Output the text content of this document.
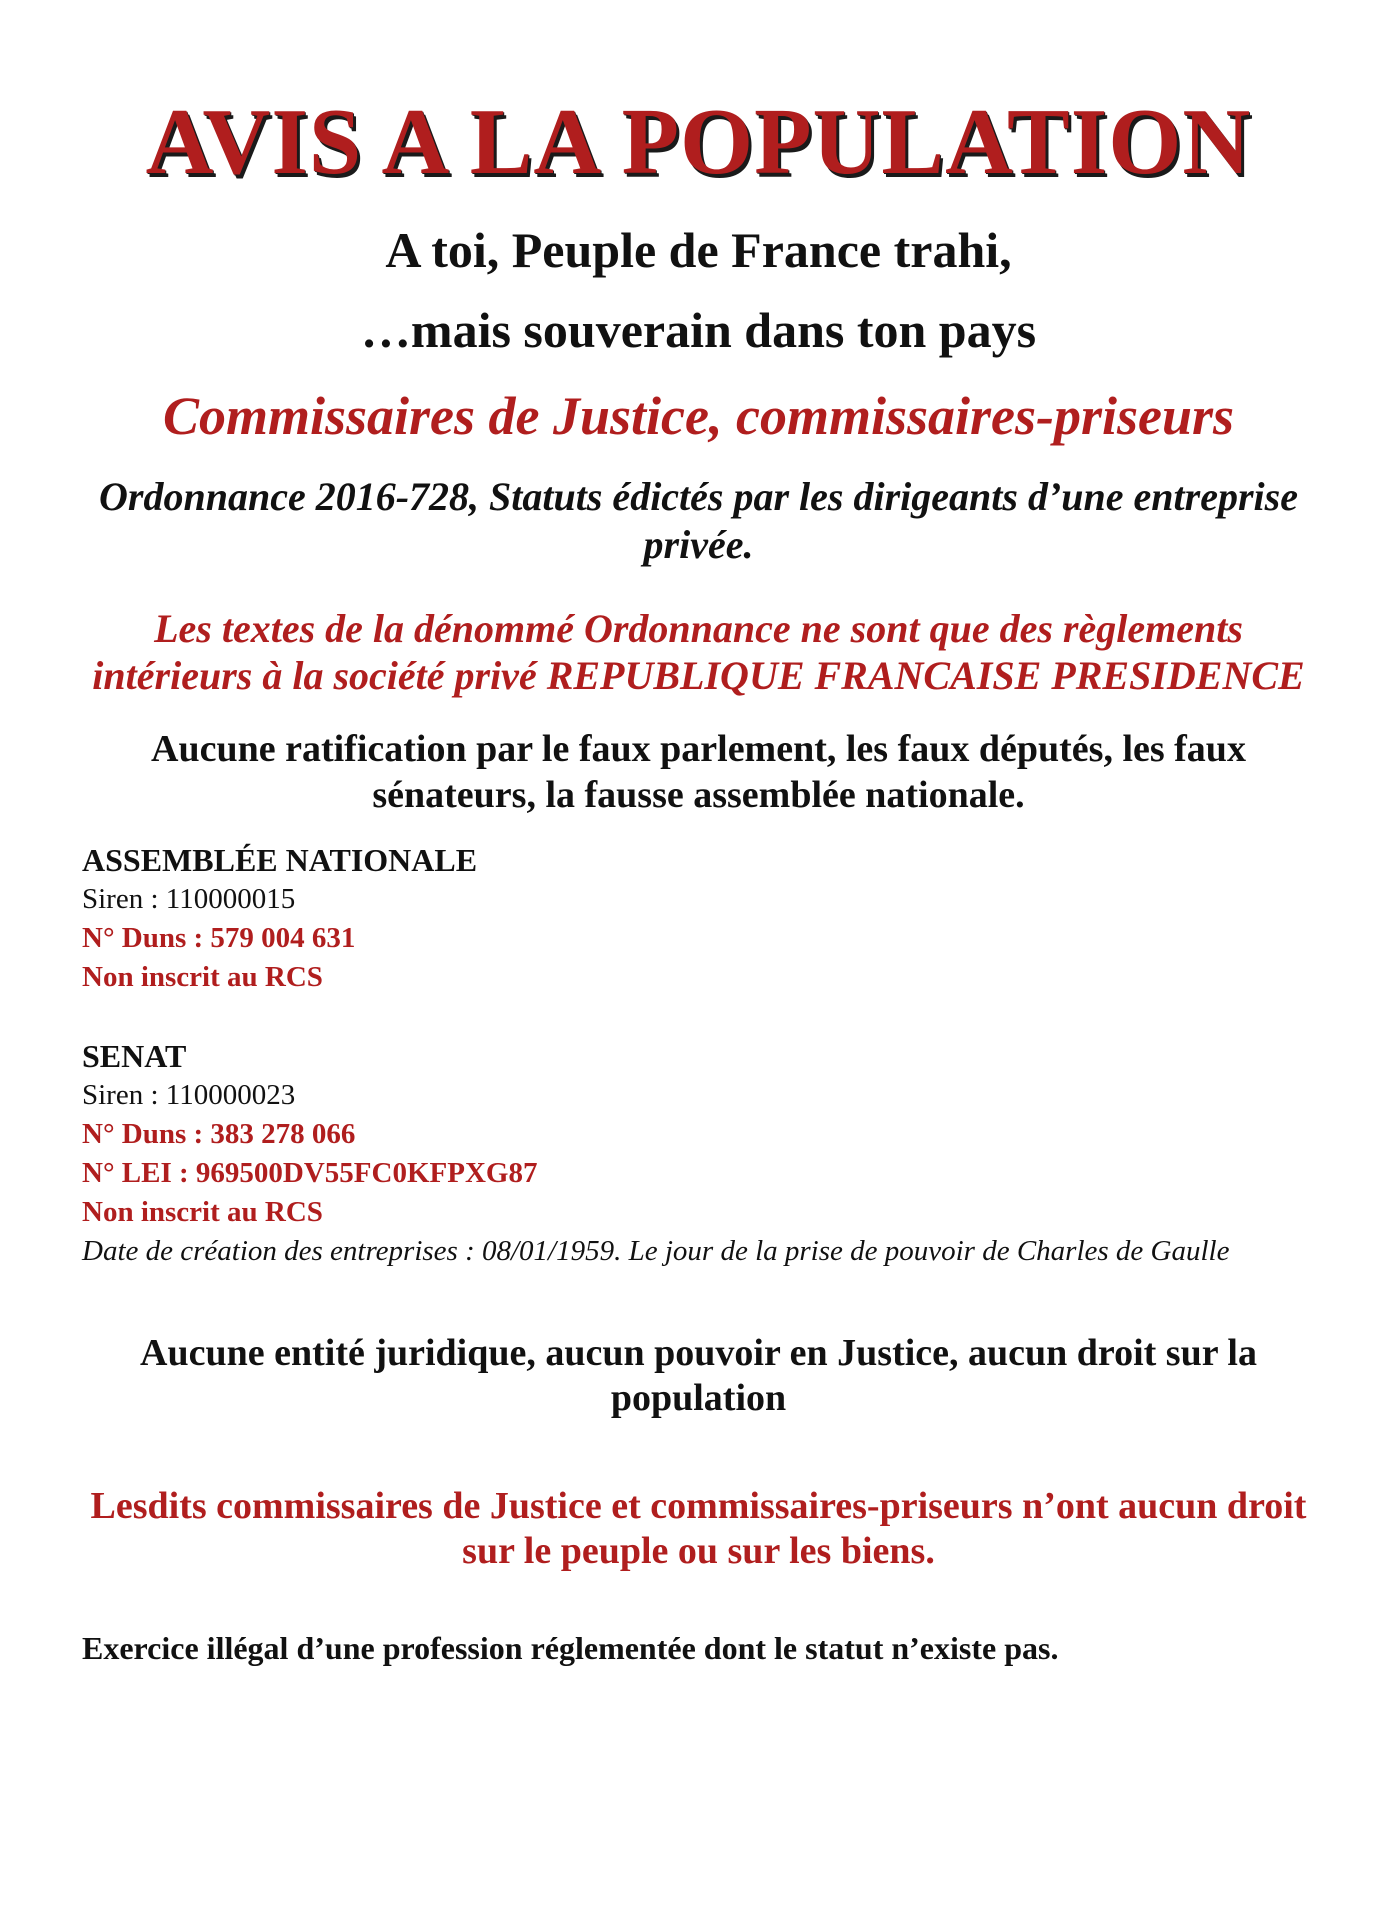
AVIS A LA POPULATION

A toi, Peuple de France trahi,

…mais souverain dans ton pays

Commissaires de Justice, commissaires-priseurs
Ordonnance 2016-728, Statuts édictés par les dirigeants d’une entreprise privée.
Les textes de la dénommé Ordonnance ne sont que des règlements intérieurs à la société privé REPUBLIQUE FRANCAISE PRESIDENCE
Aucune ratification par le faux parlement, les faux députés, les faux sénateurs, la fausse assemblée nationale.
ASSEMBLÉE NATIONALE
Siren : 110000015
N° Duns : 579 004 631
Non inscrit au RCS
SENAT
Siren : 110000023
N° Duns : 383 278 066
N° LEI : 969500DV55FC0KFPXG87
Non inscrit au RCS
Date de création des entreprises : 08/01/1959. Le jour de la prise de pouvoir de Charles de Gaulle
Aucune entité juridique, aucun pouvoir en Justice, aucun droit sur la population
Lesdits commissaires de Justice et commissaires-priseurs n’ont aucun droit sur le peuple ou sur les biens.
Exercice illégal d’une profession réglementée dont le statut n’existe pas.
